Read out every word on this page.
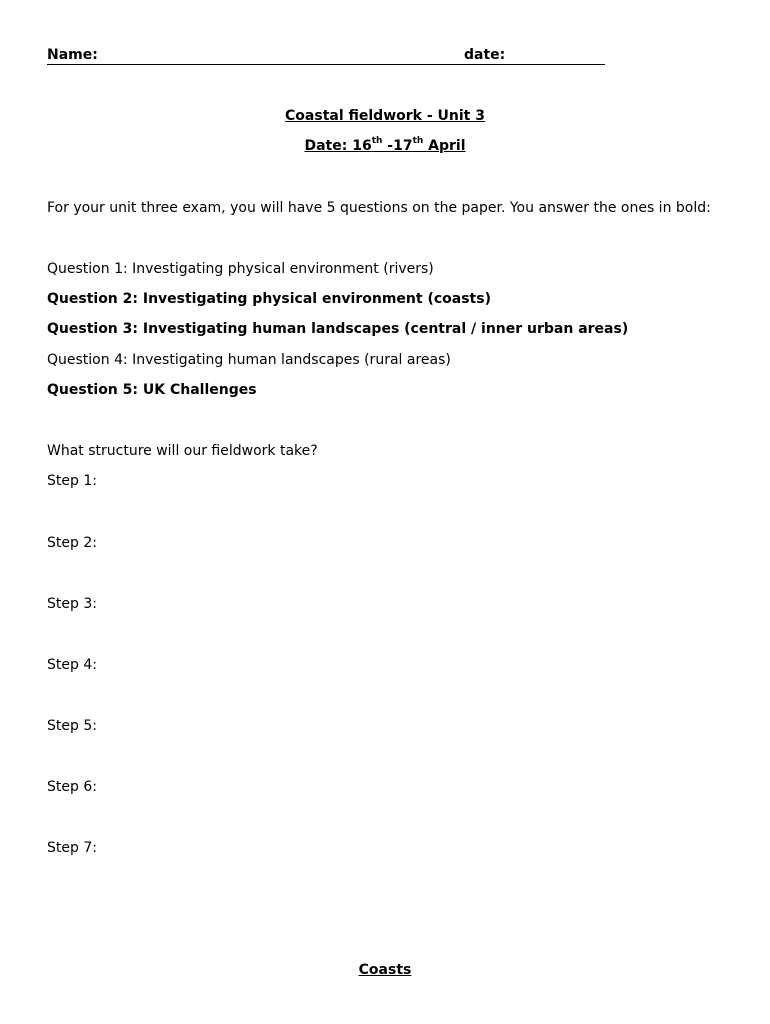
Name:	date:
Coastal fieldwork - Unit 3
Date: 16th -17th April
For your unit three exam, you will have 5 questions on the paper. You answer the ones in bold:
Question 1: Investigating physical environment (rivers)
Question 2: Investigating physical environment (coasts)
Question 3: Investigating human landscapes (central / inner urban areas)
Question 4: Investigating human landscapes (rural areas)
Question 5: UK Challenges
What structure will our fieldwork take?
Step 1:
Step 2:
Step 3:
Step 4:
Step 5:
Step 6:
Step 7:
Coasts
